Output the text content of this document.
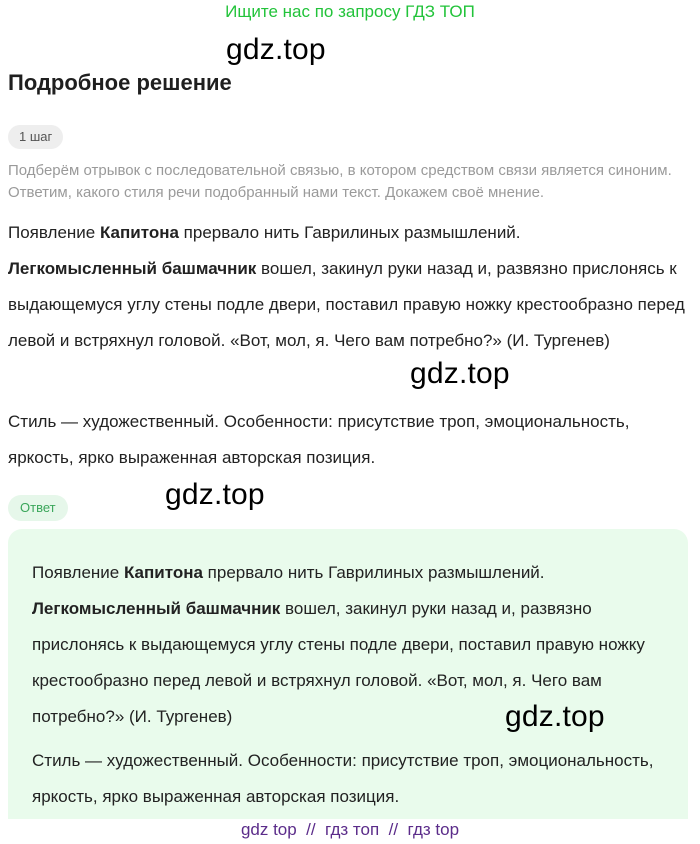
Ищите нас по запросу ГДЗ ТОП
gdz.top
Подробное решение
1 шаг
Подберём отрывок с последовательной связью, в котором средством связи является синоним. Ответим, какого стиля речи подобранный нами текст. Докажем своё мнение.

Появление Капитона прервало нить Гаврилиных размышлений.
Легкомысленный башмачник вошел, закинул руки назад и, развязно прислонясь к выдающемуся углу стены подле двери, поставил правую ножку крестообразно перед левой и встряхнул головой. «Вот, мол, я. Чего вам потребно?» (И. Тургенев)

gdz.top

Стиль — художественный. Особенности: присутствие троп, эмоциональность, яркость, ярко выраженная авторская позиция.

gdz.top
Ответ

Появление Капитона прервало нить Гаврилиных размышлений.
Легкомысленный башмачник вошел, закинул руки назад и, развязно прислонясь к выдающемуся углу стены подле двери, поставил правую ножку крестообразно перед левой и встряхнул головой. «Вот, мол, я. Чего вам потребно?» (И. Тургенев)	gdz.top

Стиль — художественный. Особенности: присутствие троп, эмоциональность, яркость, ярко выраженная авторская позиция.

gdz top  //  гдз топ  //  гдз top
